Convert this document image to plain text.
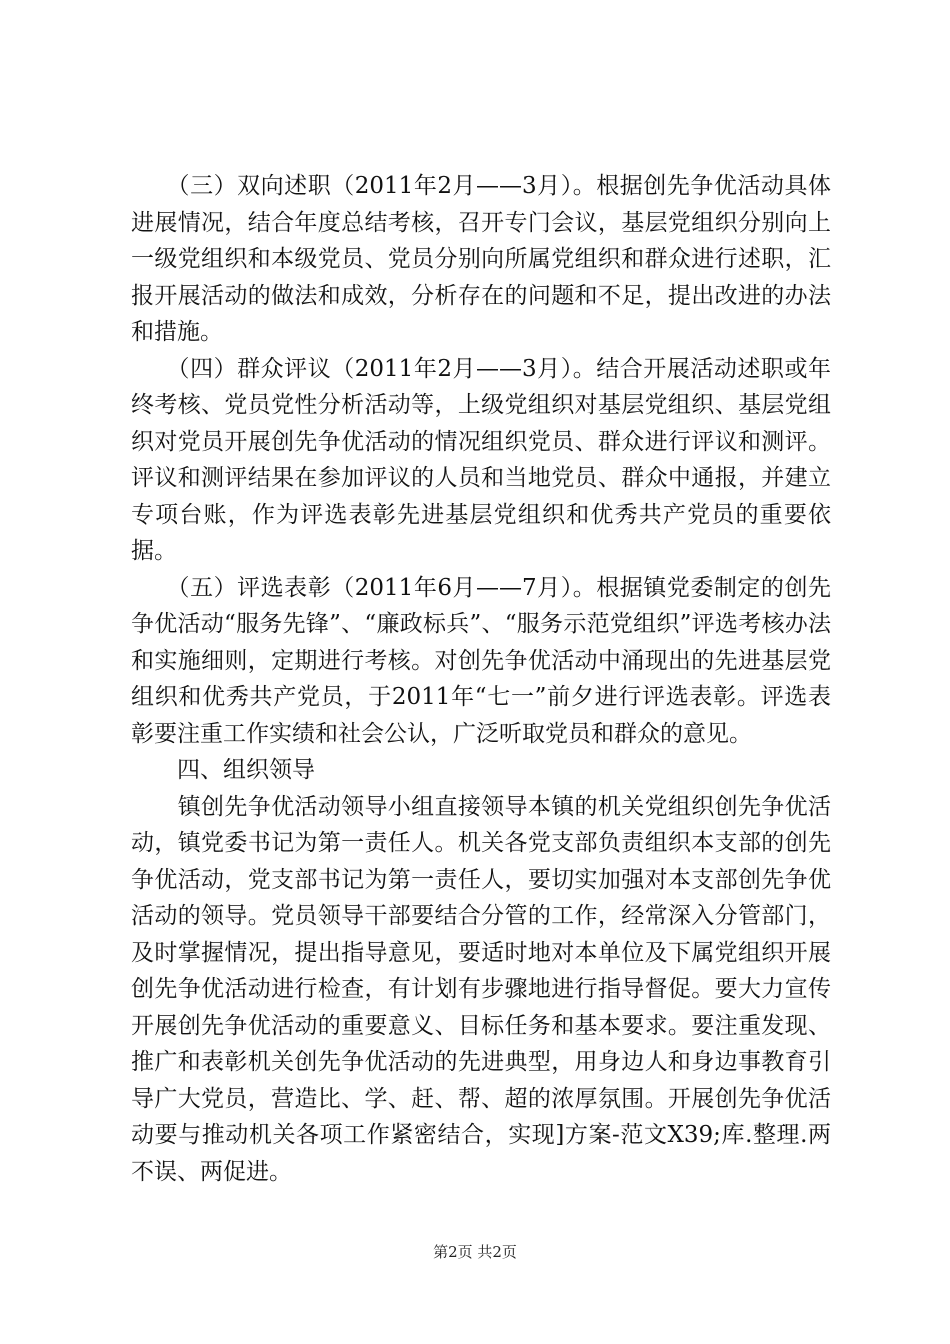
　　（三）双向述职（2011年2月——3月）。根据创先争优活动具体进展情况，结合年度总结考核，召开专门会议，基层党组织分别向上一级党组织和本级党员、党员分别向所属党组织和群众进行述职，汇报开展活动的做法和成效，分析存在的问题和不足，提出改进的办法和措施。

　　（四）群众评议（2011年2月——3月）。结合开展活动述职或年终考核、党员党性分析活动等，上级党组织对基层党组织、基层党组织对党员开展创先争优活动的情况组织党员、群众进行评议和测评。评议和测评结果在参加评议的人员和当地党员、群众中通报，并建立专项台账，作为评选表彰先进基层党组织和优秀共产党员的重要依据。

　　（五）评选表彰（2011年6月——7月）。根据镇党委制定的创先争优活动“服务先锋”、“廉政标兵”、“服务示范党组织”评选考核办法和实施细则，定期进行考核。对创先争优活动中涌现出的先进基层党组织和优秀共产党员，于2011年“七一”前夕进行评选表彰。评选表彰要注重工作实绩和社会公认，广泛听取党员和群众的意见。

　　四、组织领导

　　镇创先争优活动领导小组直接领导本镇的机关党组织创先争优活动，镇党委书记为第一责任人。机关各党支部负责组织本支部的创先争优活动，党支部书记为第一责任人，要切实加强对本支部创先争优活动的领导。党员领导干部要结合分管的工作，经常深入分管部门，及时掌握情况，提出指导意见，要适时地对本单位及下属党组织开展创先争优活动进行检查，有计划有步骤地进行指导督促。要大力宣传开展创先争优活动的重要意义、目标任务和基本要求。要注重发现、推广和表彰机关创先争优活动的先进典型，用身边人和身边事教育引导广大党员，营造比、学、赶、帮、超的浓厚氛围。开展创先争优活动要与推动机关各项工作紧密结合，实现]方案-范文X39;库.整理.两不误、两促进。

第2页 共2页
